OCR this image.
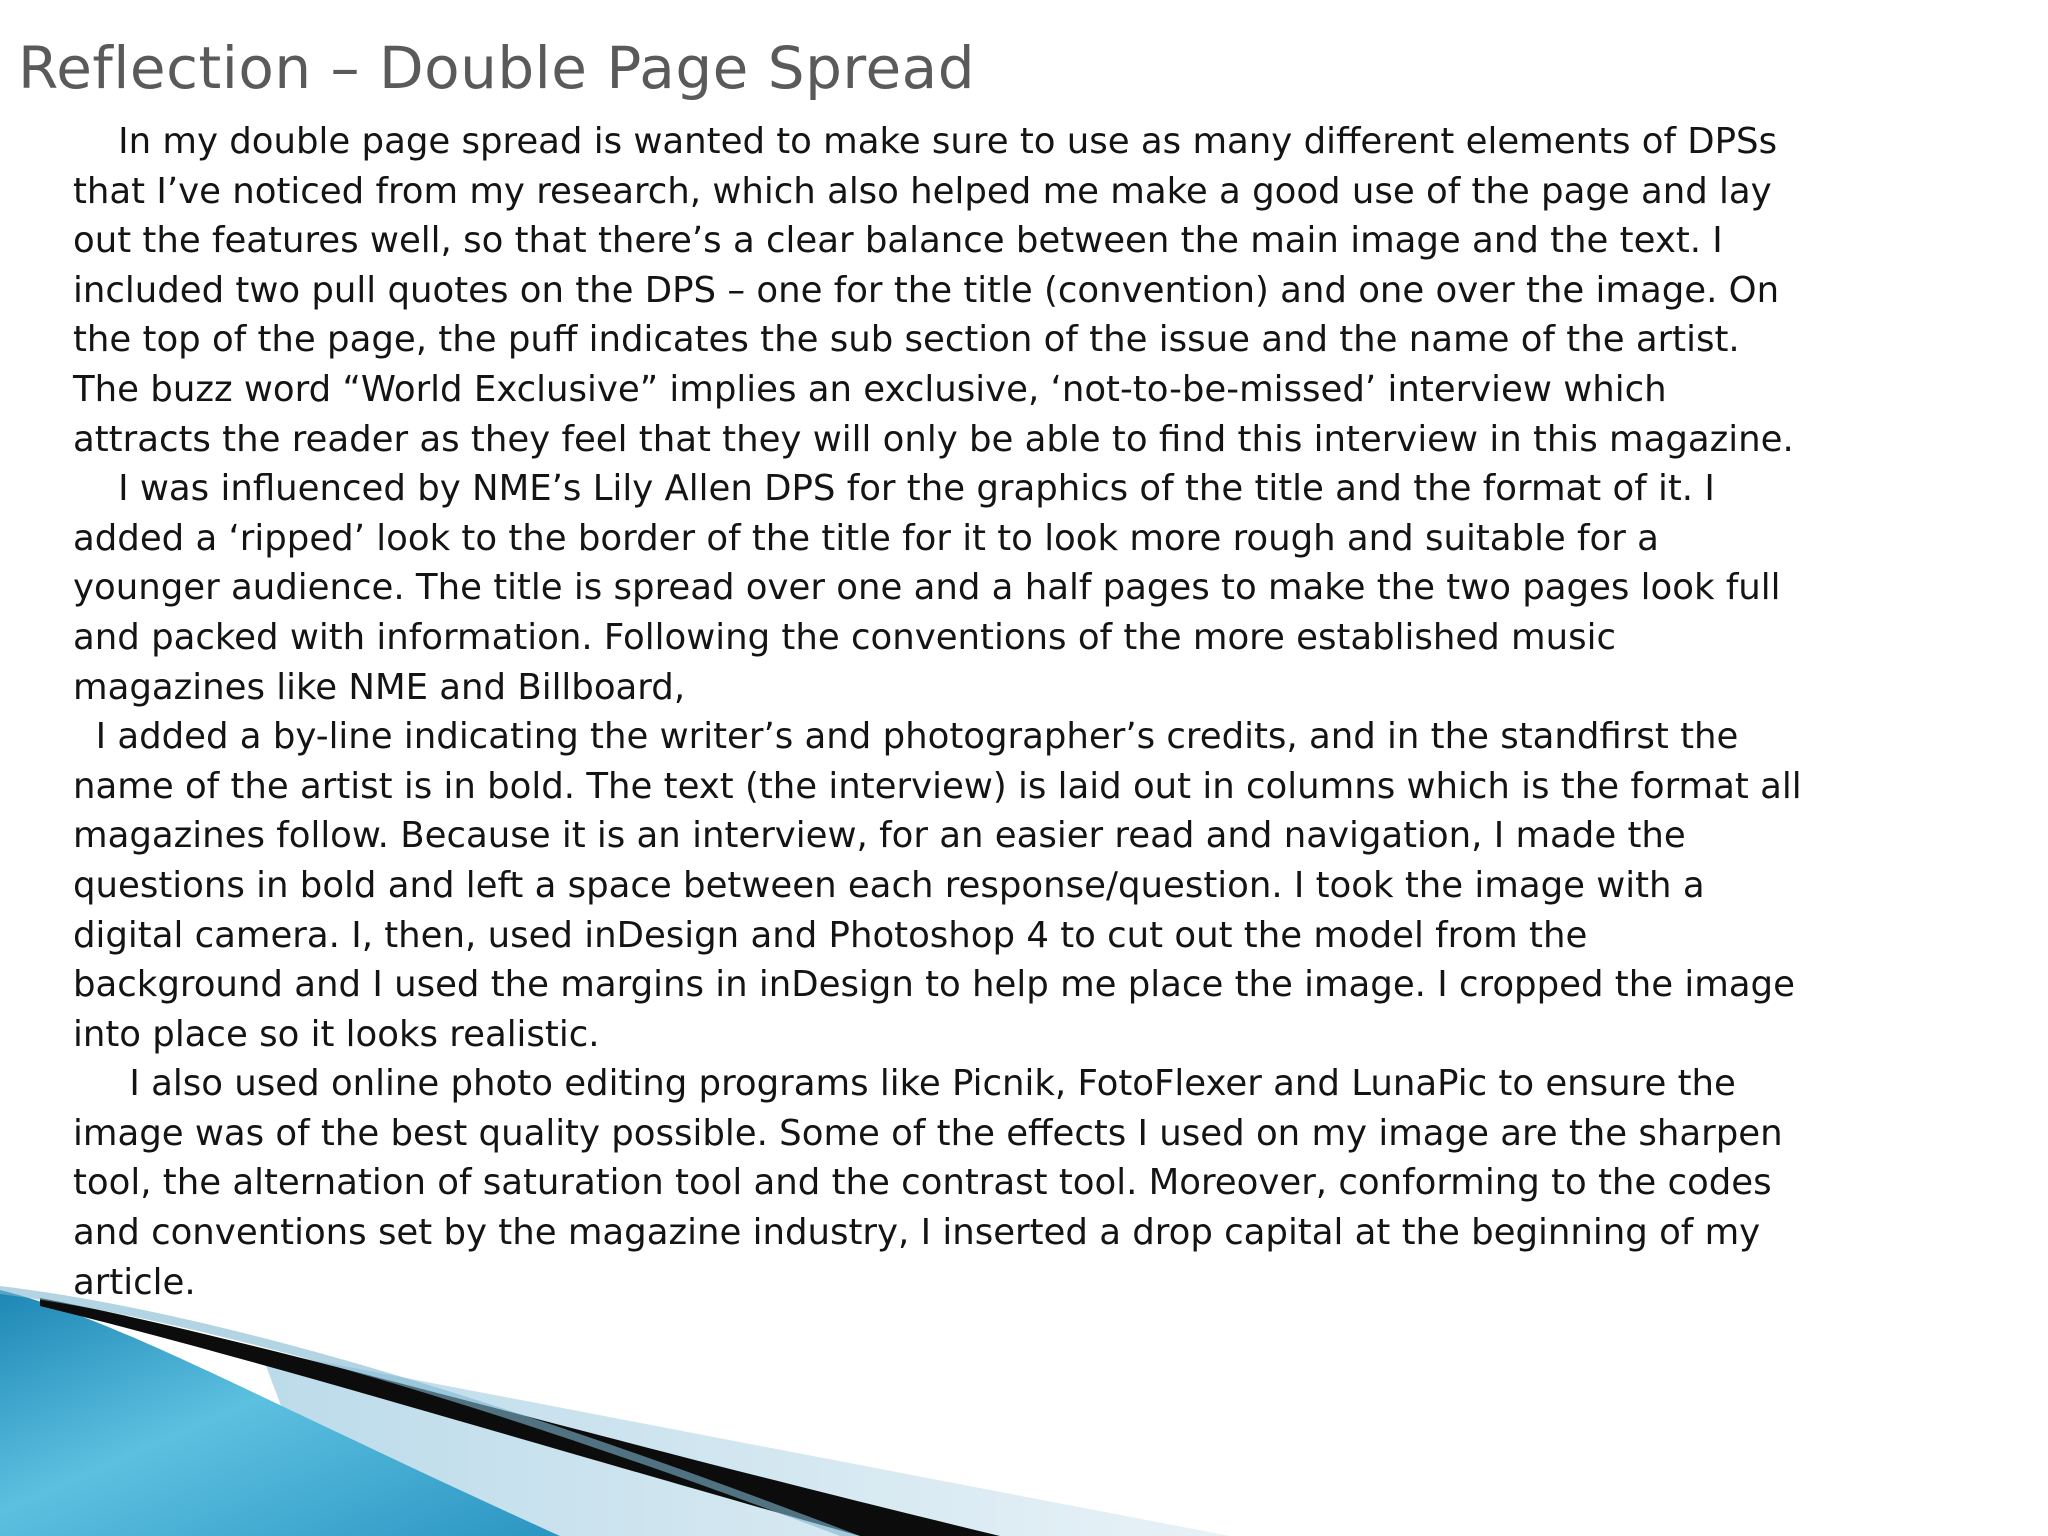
Reflection – Double Page Spread
In my double page spread is wanted to make sure to use as many different elements of DPSs
that I’ve noticed from my research, which also helped me make a good use of the page and lay
out the features well, so that there’s a clear balance between the main image and the text. I
included two pull quotes on the DPS – one for the title (convention) and one over the image. On
the top of the page, the puff indicates the sub section of the issue and the name of the artist.
The buzz word “World Exclusive” implies an exclusive, ‘not-to-be-missed’ interview which
attracts the reader as they feel that they will only be able to find this interview in this magazine.
I was influenced by NME’s Lily Allen DPS for the graphics of the title and the format of it. I
added a ‘ripped’ look to the border of the title for it to look more rough and suitable for a
younger audience. The title is spread over one and a half pages to make the two pages look full
and packed with information. Following the conventions of the more established music
magazines like NME and Billboard,
I added a by-line indicating the writer’s and photographer’s credits, and in the standfirst the
name of the artist is in bold. The text (the interview) is laid out in columns which is the format all
magazines follow. Because it is an interview, for an easier read and navigation, I made the
questions in bold and left a space between each response/question. I took the image with a
digital camera. I, then, used inDesign and Photoshop 4 to cut out the model from the
background and I used the margins in inDesign to help me place the image. I cropped the image
into place so it looks realistic.
I also used online photo editing programs like Picnik, FotoFlexer and LunaPic to ensure the
image was of the best quality possible. Some of the effects I used on my image are the sharpen
tool, the alternation of saturation tool and the contrast tool. Moreover, conforming to the codes
and conventions set by the magazine industry, I inserted a drop capital at the beginning of my
article.
